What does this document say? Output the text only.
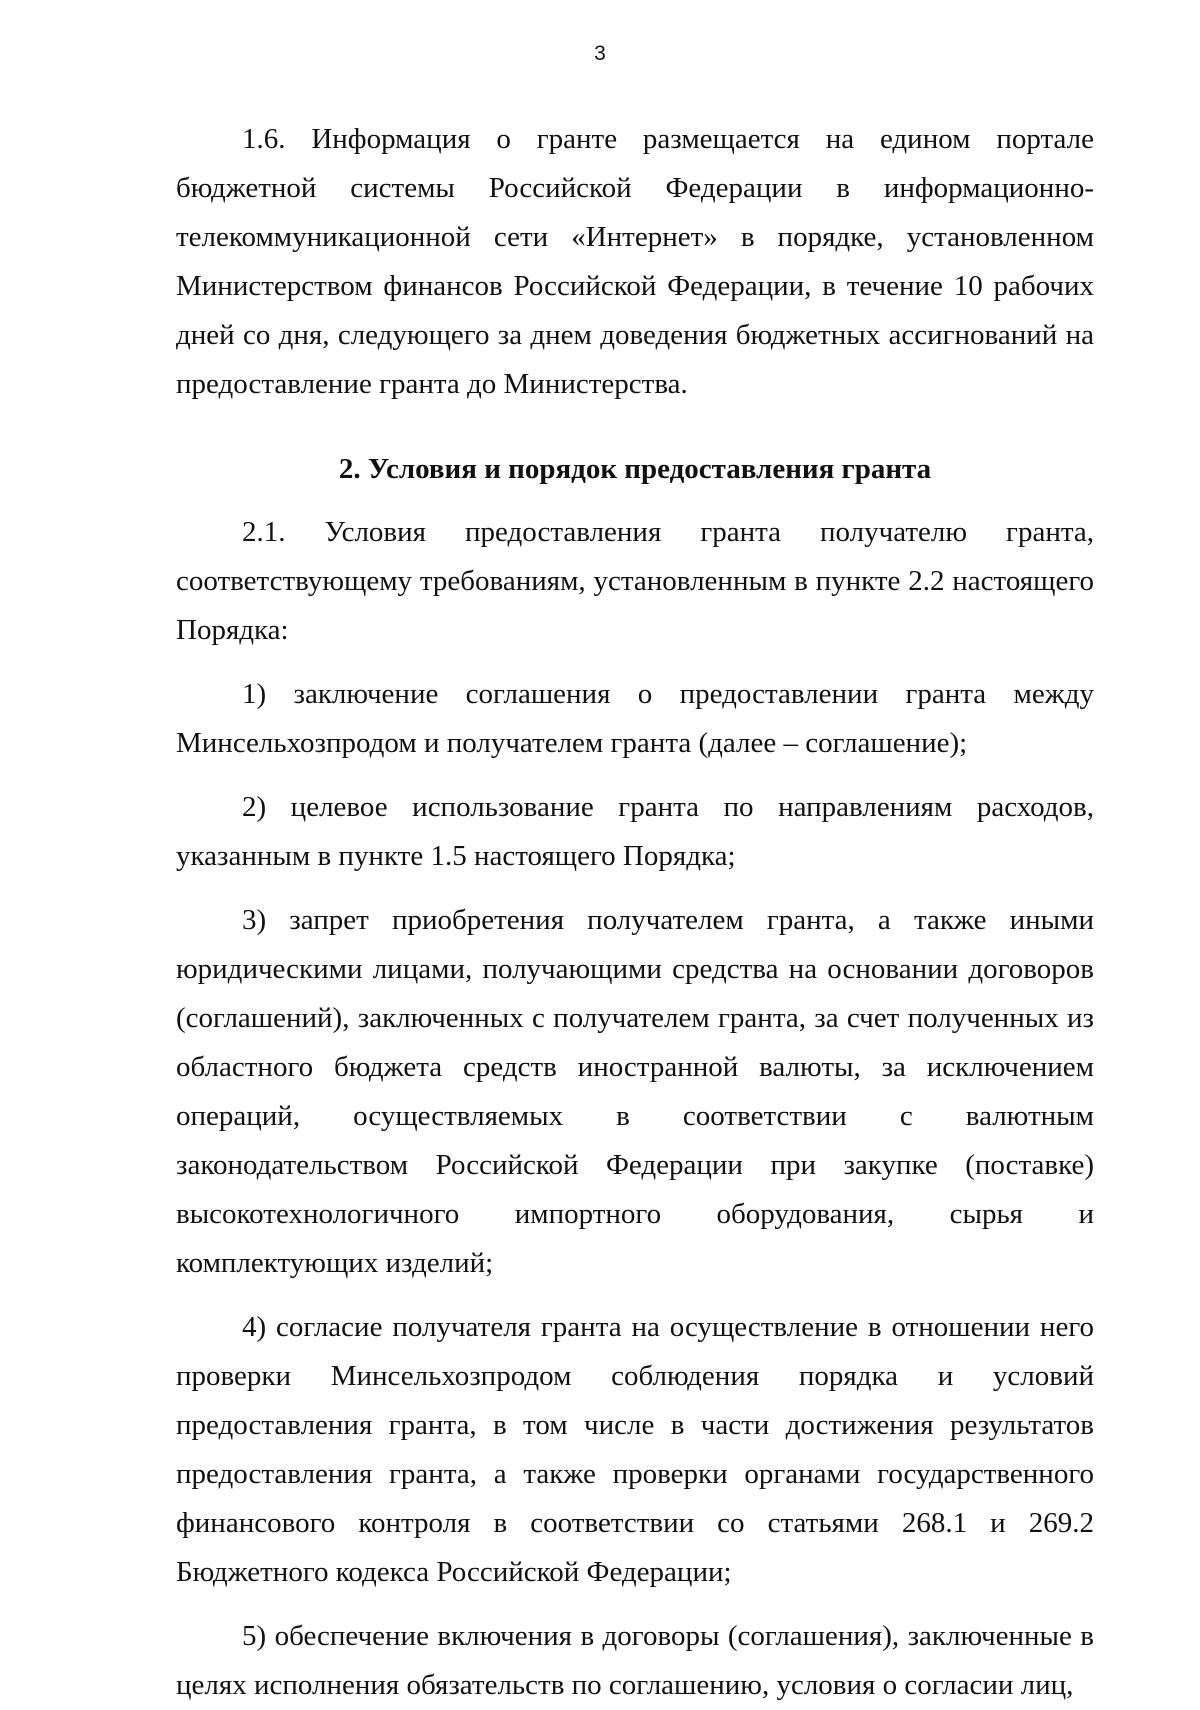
3

1.6. Информация о гранте размещается на едином портале бюджетной системы Российской Федерации в информационно-телекоммуникационной сети «Интернет» в порядке, установленном Министерством финансов Российской Федерации, в течение 10 рабочих дней со дня, следующего за днем доведения бюджетных ассигнований на предоставление гранта до Министерства.

2. Условия и порядок предоставления гранта

2.1. Условия предоставления гранта получателю гранта, соответствующему требованиям, установленным в пункте 2.2 настоящего Порядка:

1) заключение соглашения о предоставлении гранта между Минсельхозпродом и получателем гранта (далее – соглашение);

2) целевое использование гранта по направлениям расходов, указанным в пункте 1.5 настоящего Порядка;

3) запрет приобретения получателем гранта, а также иными юридическими лицами, получающими средства на основании договоров (соглашений), заключенных с получателем гранта, за счет полученных из областного бюджета средств иностранной валюты, за исключением операций, осуществляемых в соответствии с валютным законодательством Российской Федерации при закупке (поставке) высокотехнологичного импортного оборудования, сырья и комплектующих изделий;

4) согласие получателя гранта на осуществление в отношении него проверки Минсельхозпродом соблюдения порядка и условий предоставления гранта, в том числе в части достижения результатов предоставления гранта, а также проверки органами государственного финансового контроля в соответствии со статьями 268.1 и 269.2 Бюджетного кодекса Российской Федерации;

5) обеспечение включения в договоры (соглашения), заключенные в целях исполнения обязательств по соглашению, условия о согласии лиц,
